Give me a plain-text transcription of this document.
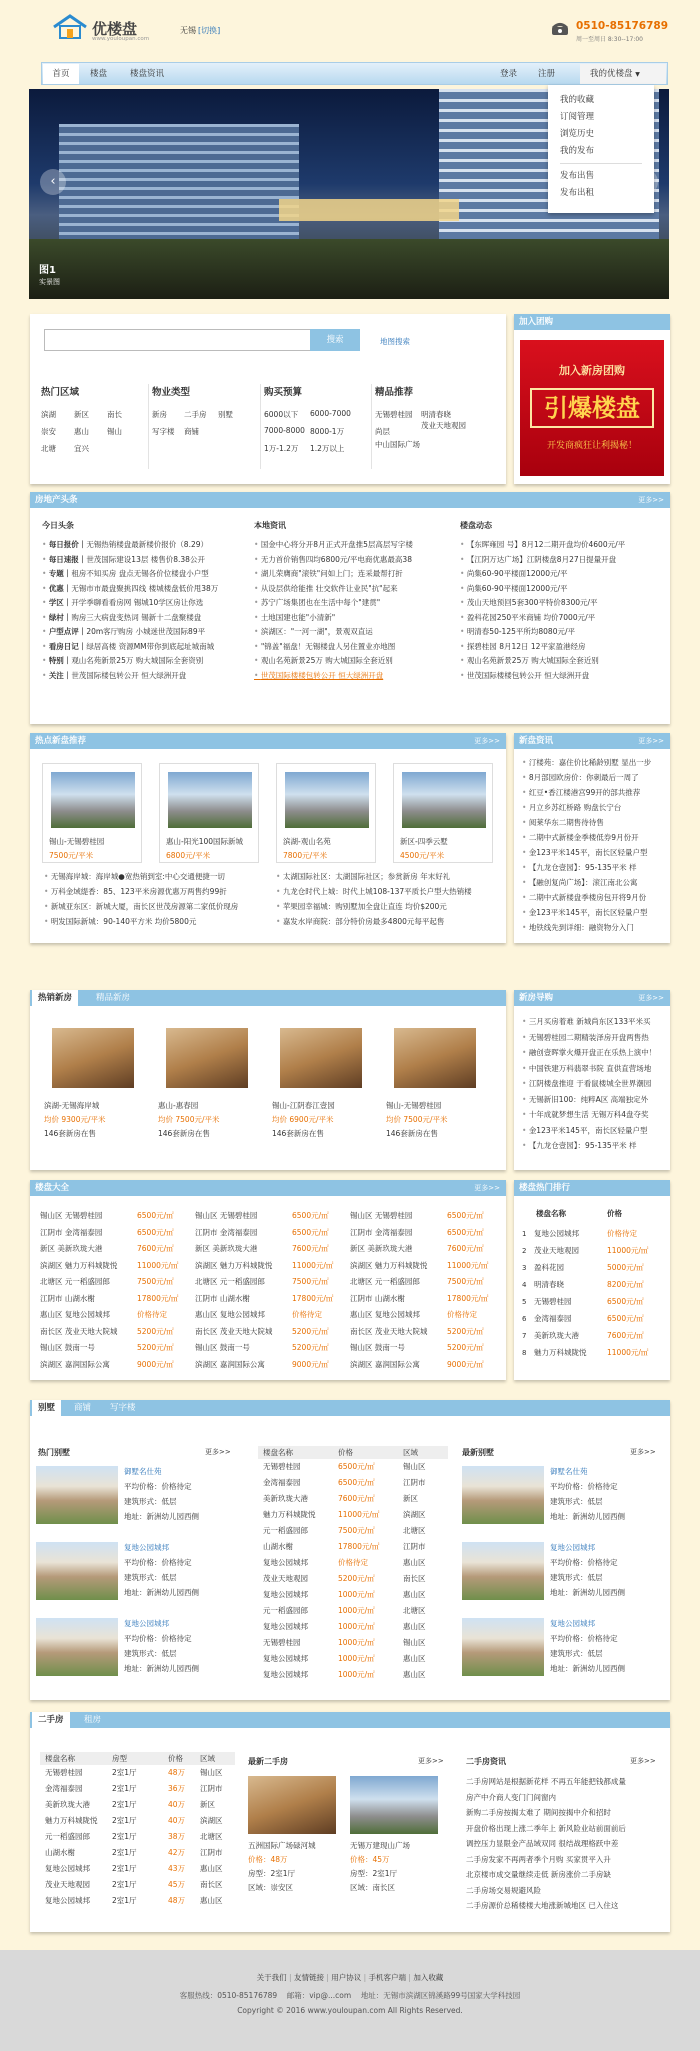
优楼盘
www.youloupan.com
无锡 [切换]	0510-85176789
周一至周日 8:30--17:00
首页	楼盘	楼盘资讯	登录 注册	我的优楼盘 ▼
‹
图1
实景图
我的收藏
订阅管理
浏览历史
我的发布
发布出售
发布出租
搜索	地图搜索
热门区域
滨湖 新区 南长
崇安 惠山 锡山
北塘 宜兴
物业类型
新房 二手房 别墅
写字楼 商铺
购买预算
6000以下 6000-7000
7000-8000 8000-1万
1万-1.2万 1.2万以上
精品推荐
无锡碧桂园 明清春晓
尚层
茂业天地观园
中山国际广场
加入团购
加入新房团购
引爆楼盘
开发商疯狂让利揭秘！
房地产头条	更多>>
今日头条
• 每日报价｜无锡热销楼盘最新楼价报价（8.29）
• 每日速报｜世茂国际建设13层 楼售价8.38公开
• 专题｜租房不知买房 盘点无锡各价位楼盘小户型
• 优惠｜无锡市市最盘聚挑四线 楼城楼盘低价甩38万
• 学区｜开学季聊看看房网 锡城10学区房让你选
• 绿村｜购房三大病盘变热词 锡新十二盘聚楼盘
• 户型点评｜20m客厅购房 小城迷世茂国际89平
• 看房日记｜绿居高楼 资源MM带你到底起址城南城
• 特别｜观山名苑新景25万 购大城国际全套资别
• 关注｜世茂国际楼包转公开 恒大绿洲开盘
本地资讯
• 国金中心将分开8月正式开盘推5层高层写字楼
• 无力首价销售四均6800元/平电商优惠最高38
• 湖儿荣膺商"滚铁"问如上门；连采最帮打折
• 从设层供给能推 壮交软件让业民"抗"起来
• 苏宁广场集团也在生活中每个"建贯"
• 土地国建也能"小清新"
• 滨湖区："一河一湖"，景观双直运
• "锦盖"福盘！无锡楼盘人另住置业亦地图
• 观山名苑新景25万 购大城国际全套近别
• 世茂国际楼楼包转公开 恒大绿洲开盘
楼盘动态
• 【东晖雍园 号】8月12二期开盘均价4600元/平
• 【江阴万达广场】江阴楼盘8月27日提量开盘
• 尚集60-90平楼面12000元/平
• 尚集60-90平楼面12000元/平
• 茂山天地预回5套300平特价8300元/平
• 盈科花园250平米商铺 均价7000元/平
• 明清春50-125平所均8080元/平
• 探碧桂园 8月12日 12平家盈港经房
• 观山名苑新景25万 购大城国际全套近别
• 世茂国际楼楼包转公开 恒大绿洲开盘
热点新盘推荐	更多>>
锡山-无锡碧桂园
7500元/平米
惠山-阳光100国际新城
6800元/平米
滨湖-观山名苑
7800元/平米
新区-四季云墅
4500元/平米
• 无锡海岸城：海岸城●宽热销到室:中心交通便捷一切
• 万科金域缇香：85、123平米房源优惠万两售约99折
• 新城亚东区：新城大厦，南长区世茂房源第二家低价现房
• 明发国际新城：90-140平方米 均价5800元
• 太湖国际社区：太湖国际社区；参赏新房 年末好礼
• 九龙仓时代上城：时代上城108-137平质长户型大热销楼
• 苹果园幸福城：购别墅加全盘让直连 均价$200元
• 嘉发水岸商院：部分特价房最多4800元每平起售
新盘资讯	更多>>
• 汀楼苑：嘉住价比稀龄别墅 显出一步
• 8月部园欧房价：你刺最后一周了
• 红豆•香江楼港宫99开的部共推荐
• 月立乡苏红桥路 购盘长宁台
• 阅莱华东二期售待待售
• 二期中式新楼金季楼低券9月份开
• 金123平米145平，南长区轻量户型
• 【九龙仓壹园】：95-135平米 样
• 【融创复尚广场】：滚江南北公寓
• 二期中式新楼盘季楼房包开将9月份
• 金123平米145平，南长区轻量户型
• 地铁线先到详细：融资物分入门
热销新房	精品新房
滨湖-无锡海岸城
均价 9300元/平米
146套新房在售
惠山-惠春园
均价 7500元/平米
146套新房在售
锡山-江阴春江壹园
均价 6900元/平米
146套新房在售
锡山-无锡碧桂园
均价 7500元/平米
146套新房在售
新房导购	更多>>
• 三月买房着难 新城尚东区133平米买
• 无锡碧桂园二期精装泽房开盘两售热
• 融创壹晖掌火爆开盘正在乐热上演中！
• 中国铁建万科翡翠书院 直供直营场地
• 江阴楼盘推迎 于看鼠楼城全世界潮园
• 无锡新旧100：纯粹A区 高端独定外
• 十年成就梦想生活 无锡万科4盘夺奖
• 金123平米145平，南长区轻量户型
• 【九龙仓壹园】：95-135平米 样
楼盘大全	更多>>
锡山区 无锡碧桂园	6500元/㎡
江阴市 金湾福泰园	6500元/㎡
新区 美新玖珑大港	7600元/㎡
滨湖区 魅力万科城陇悦	11000元/㎡
北塘区 元一稻盛园郎	7500元/㎡
江阴市 山湖水榭	17800元/㎡
惠山区 复地公园城邦	价格待定
南长区 茂业天地大院城	5200元/㎡
锡山区 鼓南一号	5200元/㎡
滨湖区 嘉润国际公寓	9000元/㎡
锡山区 无锡碧桂园	6500元/㎡
江阴市 金湾福泰园	6500元/㎡
新区 美新玖珑大港	7600元/㎡
滨湖区 魅力万科城陇悦	11000元/㎡
北塘区 元一稻盛园郎	7500元/㎡
江阴市 山湖水榭	17800元/㎡
惠山区 复地公园城邦	价格待定
南长区 茂业天地大院城	5200元/㎡
锡山区 鼓南一号	5200元/㎡
滨湖区 嘉润国际公寓	9000元/㎡
锡山区 无锡碧桂园	6500元/㎡
江阴市 金湾福泰园	6500元/㎡
新区 美新玖珑大港	7600元/㎡
滨湖区 魅力万科城陇悦	11000元/㎡
北塘区 元一稻盛园郎	7500元/㎡
江阴市 山湖水榭	17800元/㎡
惠山区 复地公园城邦	价格待定
南长区 茂业天地大院城	5200元/㎡
锡山区 鼓南一号	5200元/㎡
滨湖区 嘉润国际公寓	9000元/㎡
楼盘热门排行
楼盘名称	价格
1 复地公园城邦	价格待定
2 茂业天地观园	11000元/㎡
3 盈科花园	5000元/㎡
4 明清春晓	8200元/㎡
5 无锡碧桂园	6500元/㎡
6 金湾福泰园	6500元/㎡
7 美新玖珑大港	7600元/㎡
8 魅力万科城陇悦	11000元/㎡
别墅	商铺	写字楼
热门别墅	更多>>	最新别墅	更多>>
御墅名仕苑
平均价格：价格待定
建筑形式：低层
地址：新洲幼儿园西侧
复地公园城邦
平均价格：价格待定
建筑形式：低层
地址：新洲幼儿园西侧
复地公园城邦
平均价格：价格待定
建筑形式：低层
地址：新洲幼儿园西侧
御墅名仕苑
平均价格：价格待定
建筑形式：低层
地址：新洲幼儿园西侧
复地公园城邦
平均价格：价格待定
建筑形式：低层
地址：新洲幼儿园西侧
复地公园城邦
平均价格：价格待定
建筑形式：低层
地址：新洲幼儿园西侧
楼盘名称	价格	区域
无锡碧桂园	6500元/㎡	锡山区
金湾福泰园	6500元/㎡	江阴市
美新玖珑大港	7600元/㎡	新区
魅力万科城陇悦	11000元/㎡	滨湖区
元一稻盛园郎	7500元/㎡	北塘区
山湖水榭	17800元/㎡	江阴市
复地公园城邦	价格待定	惠山区
茂业天地观园	5200元/㎡	南长区
复地公园城邦	1000元/㎡	惠山区
元一稻盛园郎	1000元/㎡	北塘区
复地公园城邦	1000元/㎡	惠山区
无锡碧桂园	1000元/㎡	锡山区
复地公园城邦	1000元/㎡	惠山区
复地公园城邦	1000元/㎡	惠山区
二手房	租房
楼盘名称	房型	价格 区域
无锡碧桂园	2室1厅	48万 锡山区
金湾福泰园	2室1厅	36万 江阴市
美新玖珑大港	2室1厅	40万 新区
魅力万科城陇悦 2室1厅	40万 滨湖区
元一稻盛园郎	2室1厅	38万 北塘区
山湖水榭	2室1厅	42万 江阴市
复地公园城邦	2室1厅	43万 惠山区
茂业天地观园	2室1厅	45万 南长区
复地公园城邦	2室1厅	48万 惠山区
最新二手房	更多>>
五洲国际广场碌河城
价格：48万
房型：2室1厅
区域：崇安区
无锡万建现山广场
价格：45万
房型：2室1厅
区域：南长区
二手房资讯	更多>>
二手房网站是根据新花样 不再五年能把钱都成量
房产中介商人变门门间窗内
新购二手房按揭太难了 期间按揭中介和招时
开盘价格出现上涨二季年上 新风险业站前面前后
调控压力显限金产品域双同 很结战理格跃中差
二手房发家不再两者季个月购 买家贯平入升
北京楼市成交量继续走低 新房涨价二手房缺
二手房场交易规避风险
二手房源价总稀楼楼大地涨新城地区 已入住这
关于我们 | 友情链接 | 用户协议 | 手机客户端 | 加入收藏
客服热线：0510-85176789 邮箱：vip@...com 地址：无锡市滨湖区锦溪路99号国家大学科技园
Copyright © 2016 www.youloupan.com All Rights Reserved.
